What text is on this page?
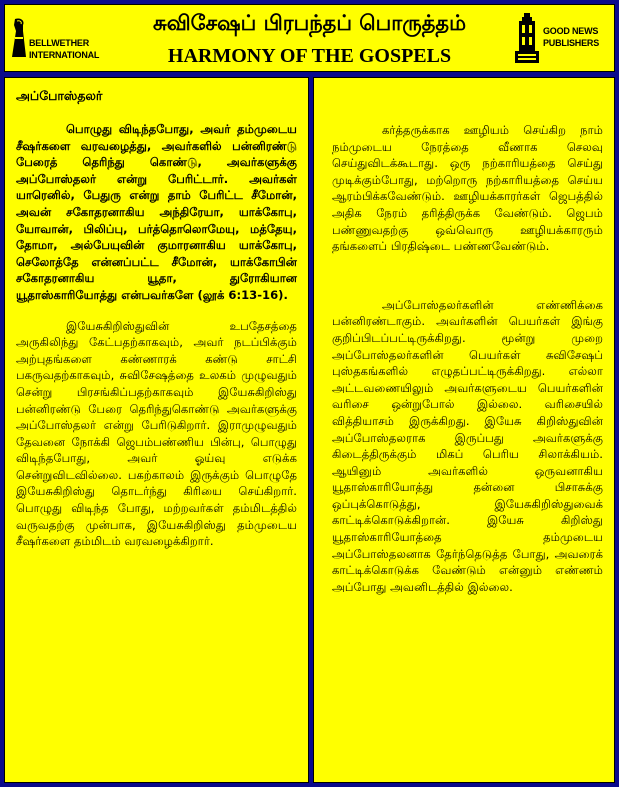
BELLWETHER
INTERNATIONAL
சுவிசேஷப் பிரபந்தப் பொருத்தம்
HARMONY OF THE GOSPELS
GOOD NEWS
PUBLISHERS
அப்போஸ்தலர்
பொழுது விடிந்தபோது, அவர் தம்முடைய சீஷர்களை வரவழைத்து, அவர்களில் பன்னிரண்டு பேரைத் தெரிந்து கொண்டு, அவர்களுக்கு அப்போஸ்தலர் என்று பேரிட்டார். அவர்கள் யாரெனில், பேதுரு என்று தாம் பேரிட்ட சீமோன், அவன் சகோதரனாகிய அந்திரேயா, யாக்கோபு, யோவான், பிலிப்பு, பர்த்தொலொமேயு, மத்தேயு, தோமா, அல்பேயுவின் குமாரனாகிய யாக்கோபு, செலோத்தே என்னப்பட்ட சீமோன், யாக்கோபின் சகோதரனாகிய யூதா, துரோகியான யூதாஸ்காரியோத்து என்பவர்களே (லூக் 6:13-16).
இயேசுகிறிஸ்துவின் உபதேசத்தை அருகிலிந்து கேட்பதற்காகவும், அவர் நடப்பிக்கும் அற்புதங்களை கண்ணாரக் கண்டு சாட்சி பகருவதற்காகவும், சுவிசேஷத்தை உலகம் முழுவதும் சென்று பிரசங்கிப்பதற்காகவும் இயேசுகிறிஸ்து பன்னிரண்டு பேரை தெரிந்துகொண்டு அவர்களுக்கு அப்போஸ்தலர் என்று பேரிடுகிறார். இராமுழுவதும் தேவனை நோக்கி ஜெபம்பண்ணிய பின்பு, பொழுது விடிந்தபோது, அவர் ஓய்வு எடுக்க சென்றுவிடவில்லை. பகற்காலம் இருக்கும் பொழுதே இயேசுகிறிஸ்து தொடர்ந்து கிரியை செய்கிறார். பொழுது விடிந்த போது, மற்றவர்கள் தம்மிடத்தில் வருவதற்கு முன்பாக, இயேசுகிறிஸ்து தம்முடைய சீஷர்களை தம்மிடம் வரவழைக்கிறார்.
கர்த்தருக்காக ஊழியம் செய்கிற நாம் நம்முடைய நேரத்தை வீணாக செலவு செய்துவிடக்கூடாது. ஒரு நற்காரியத்தை செய்து முடிக்கும்போது, மற்றொரு நற்காரியத்தை செய்ய ஆரம்பிக்கவேண்டும். ஊழியக்காரர்கள் ஜெபத்தில் அதிக நேரம் தரித்திருக்க வேண்டும். ஜெபம் பண்ணுவதற்கு ஒவ்வொரு ஊழியக்காரரும் தங்களைப் பிரதிஷ்டை பண்ணவேண்டும்.
அப்போஸ்தலர்களின் எண்ணிக்கை பன்னிரண்டாகும். அவர்களின் பெயர்கள் இங்கு குறிப்பிடப்பட்டிருக்கிறது. மூன்று முறை அப்போஸ்தலர்களின் பெயர்கள் சுவிசேஷப் புஸ்தகங்களில் எழுதப்பட்டிருக்கிறது. எல்லா அட்டவணையிலும் அவர்களுடைய பெயர்களின் வரிசை ஒன்றுபோல் இல்லை. வரிசையில் வித்தியாசம் இருக்கிறது. இயேசு கிறிஸ்துவின் அப்போஸ்தலராக இருப்பது அவர்களுக்கு கிடைத்திருக்கும் மிகப் பெரிய சிலாக்கியம். ஆயினும் அவர்களில் ஒருவனாகிய யூதாஸ்காரியோத்து தன்னை பிசாசுக்கு ஒப்புக்கொடுத்து, இயேசுகிறிஸ்துவைக் காட்டிக்கொடுக்கிறான். இயேசு கிறிஸ்து யூதாஸ்காரியோத்தை தம்முடைய அப்போஸ்தலனாக தேர்ந்தெடுத்த போது, அவரைக் காட்டிக்கொடுக்க வேண்டும் என்னும் எண்ணம் அப்போது அவனிடத்தில் இல்லை.
